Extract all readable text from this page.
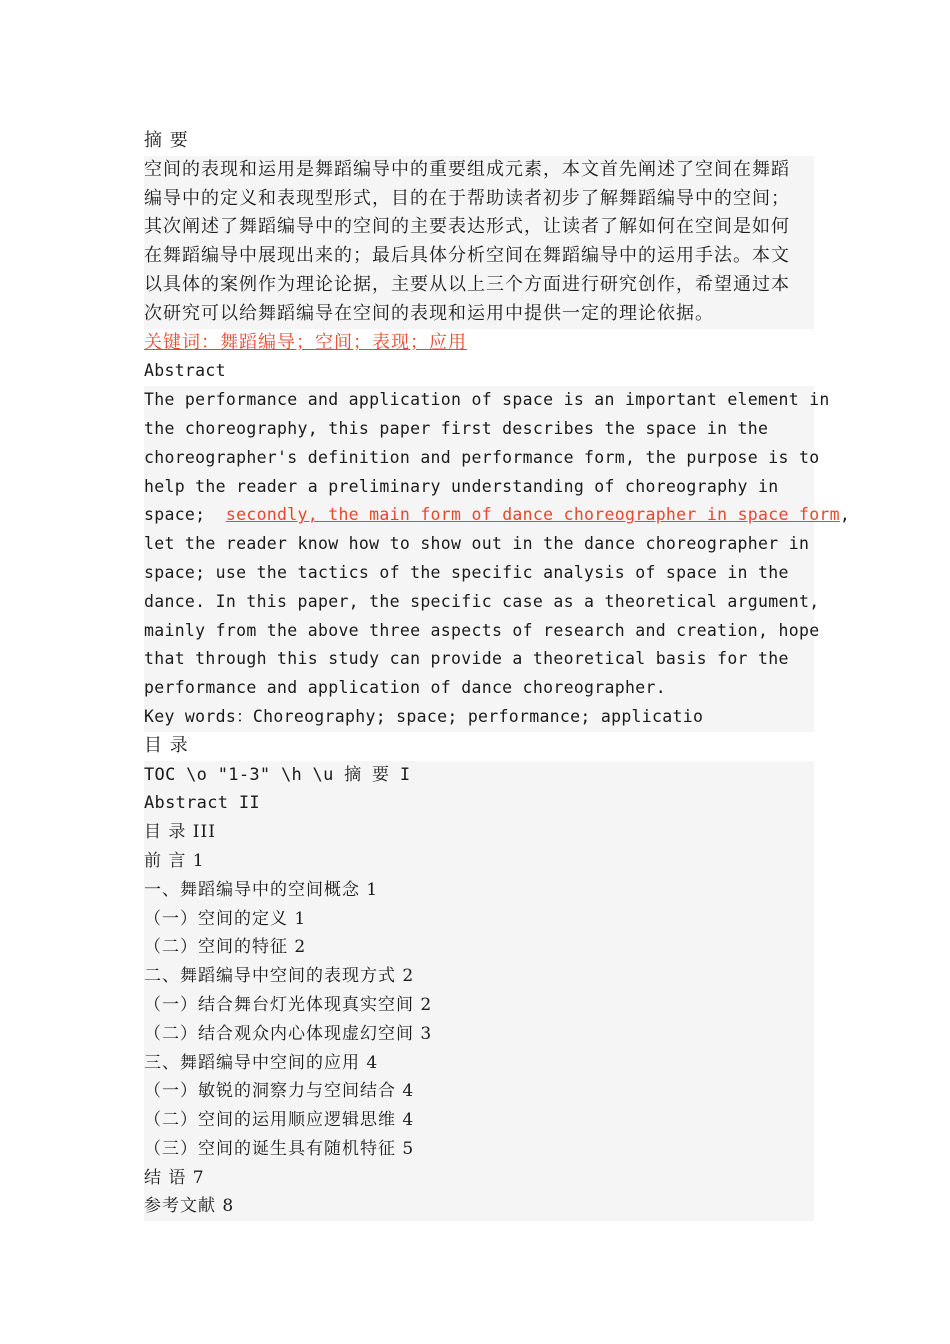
摘 要
空间的表现和运用是舞蹈编导中的重要组成元素，本文首先阐述了空间在舞蹈
编导中的定义和表现型形式，目的在于帮助读者初步了解舞蹈编导中的空间；
其次阐述了舞蹈编导中的空间的主要表达形式，让读者了解如何在空间是如何
在舞蹈编导中展现出来的；最后具体分析空间在舞蹈编导中的运用手法。本文
以具体的案例作为理论论据，主要从以上三个方面进行研究创作，希望通过本
次研究可以给舞蹈编导在空间的表现和运用中提供一定的理论依据。
关键词：舞蹈编导；空间；表现；应用
Abstract
The performance and application of space is an important element in
the choreography, this paper first describes the space in the
choreographer's definition and performance form, the purpose is to
help the reader a preliminary understanding of choreography in
space;  secondly, the main form of dance choreographer in space form,
let the reader know how to show out in the dance choreographer in
space; use the tactics of the specific analysis of space in the
dance. In this paper, the specific case as a theoretical argument,
mainly from the above three aspects of research and creation, hope
that through this study can provide a theoretical basis for the
performance and application of dance choreographer.
Key words：Choreography; space; performance; applicatio
目 录
TOC \o "1-3" \h \u 摘 要 I
Abstract II
目 录 III
前 言 1
一、舞蹈编导中的空间概念 1
（一）空间的定义 1
（二）空间的特征 2
二、舞蹈编导中空间的表现方式 2
（一）结合舞台灯光体现真实空间 2
（二）结合观众内心体现虚幻空间 3
三、舞蹈编导中空间的应用 4
（一）敏锐的洞察力与空间结合 4
（二）空间的运用顺应逻辑思维 4
（三）空间的诞生具有随机特征 5
结 语 7
参考文献 8
